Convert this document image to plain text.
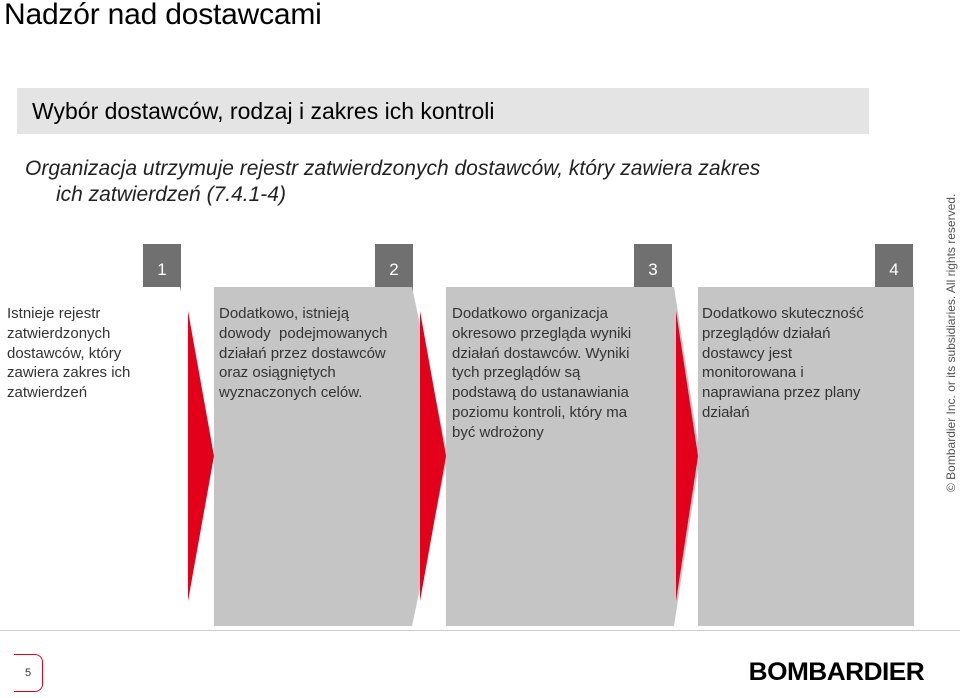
Nadzór nad dostawcami
Wybór dostawców, rodzaj i zakres ich kontroli
Organizacja utrzymuje rejestr zatwierdzonych dostawców, który zawiera zakres
ich zatwierdzeń (7.4.1-4)
1
Istnieje rejestr
zatwierdzonych
dostawców, który
zawiera zakres ich
zatwierdzeń
2
Dodatkowo, istnieją
dowody  podejmowanych
działań przez dostawców
oraz osiągniętych
wyznaczonych celów.
3
Dodatkowo organizacja
okresowo przegląda wyniki
działań dostawców. Wyniki
tych przeglądów są
podstawą do ustanawiania
poziomu kontroli, który ma
być wdrożony
4
Dodatkowo skuteczność
przeglądów działań
dostawcy jest
monitorowana i
naprawiana przez plany
działań	© Bombardier Inc. or its subsidiaries. All rights reserved.
5	BOMBARDIER
